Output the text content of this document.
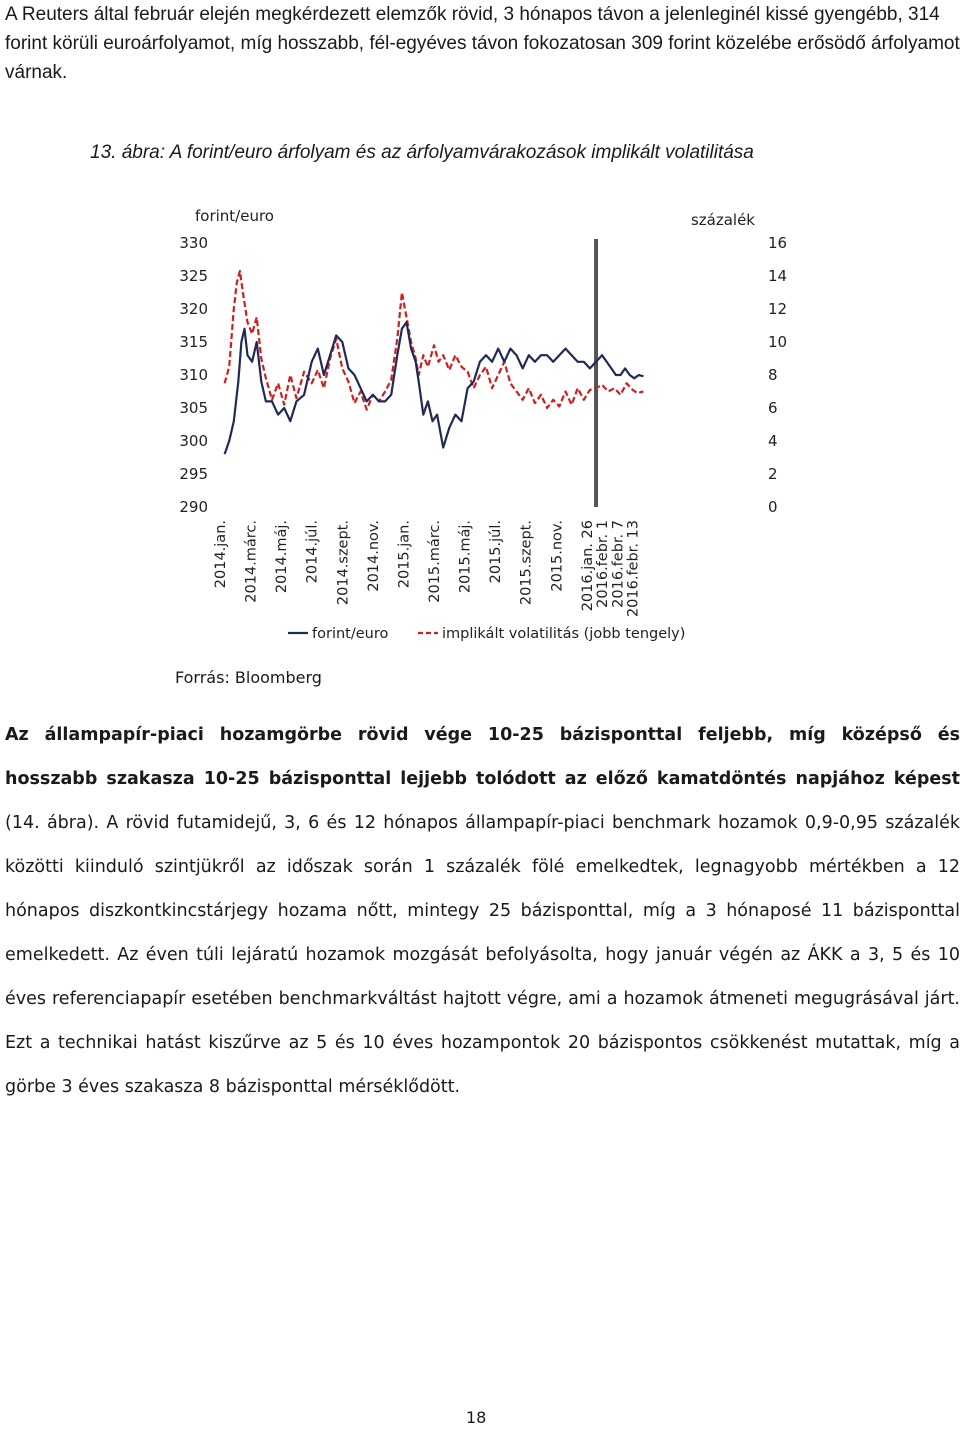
A Reuters által február elején megkérdezett elemzők rövid, 3 hónapos távon a jelenleginél kissé gyengébb, 314 forint körüli euroárfolyamot, míg hosszabb, fél-egyéves távon fokozatosan 309 forint közelébe erősödő árfolyamot várnak.

13. ábra: A forint/euro árfolyam és az árfolyamvárakozások implikált volatilitása

forint/euro	százalék
330
325
320
315
310
305
300
295
290
16
14
12
10
8
6
4
2
0
2014.jan. 2014.márc. 2014.máj. 2014.júl. 2014.szept. 2014.nov. 2015.jan. 2015.márc. 2015.máj. 2015.júl. 2015.szept. 2015.nov. 2016.jan. 26 2016.febr. 1 2016.febr. 7 2016.febr. 13
forint/euro	implikált volatilitás (jobb tengely)

Forrás: Bloomberg

Az állampapír-piaci hozamgörbe rövid vége 10-25 bázisponttal feljebb, míg középső és hosszabb szakasza 10-25 bázisponttal lejjebb tolódott az előző kamatdöntés napjához képest (14. ábra). A rövid futamidejű, 3, 6 és 12 hónapos állampapír-piaci benchmark hozamok 0,9-0,95 százalék közötti kiinduló szintjükről az időszak során 1 százalék fölé emelkedtek, legnagyobb mértékben a 12 hónapos diszkontkincstárjegy hozama nőtt, mintegy 25 bázisponttal, míg a 3 hónaposé 11 bázisponttal emelkedett. Az éven túli lejáratú hozamok mozgását befolyásolta, hogy január végén az ÁKK a 3, 5 és 10 éves referenciapapír esetében benchmarkváltást hajtott végre, ami a hozamok átmeneti megugrásával járt. Ezt a technikai hatást kiszűrve az 5 és 10 éves hozampontok 20 bázispontos csökkenést mutattak, míg a görbe 3 éves szakasza 8 bázisponttal mérséklődött.

18
